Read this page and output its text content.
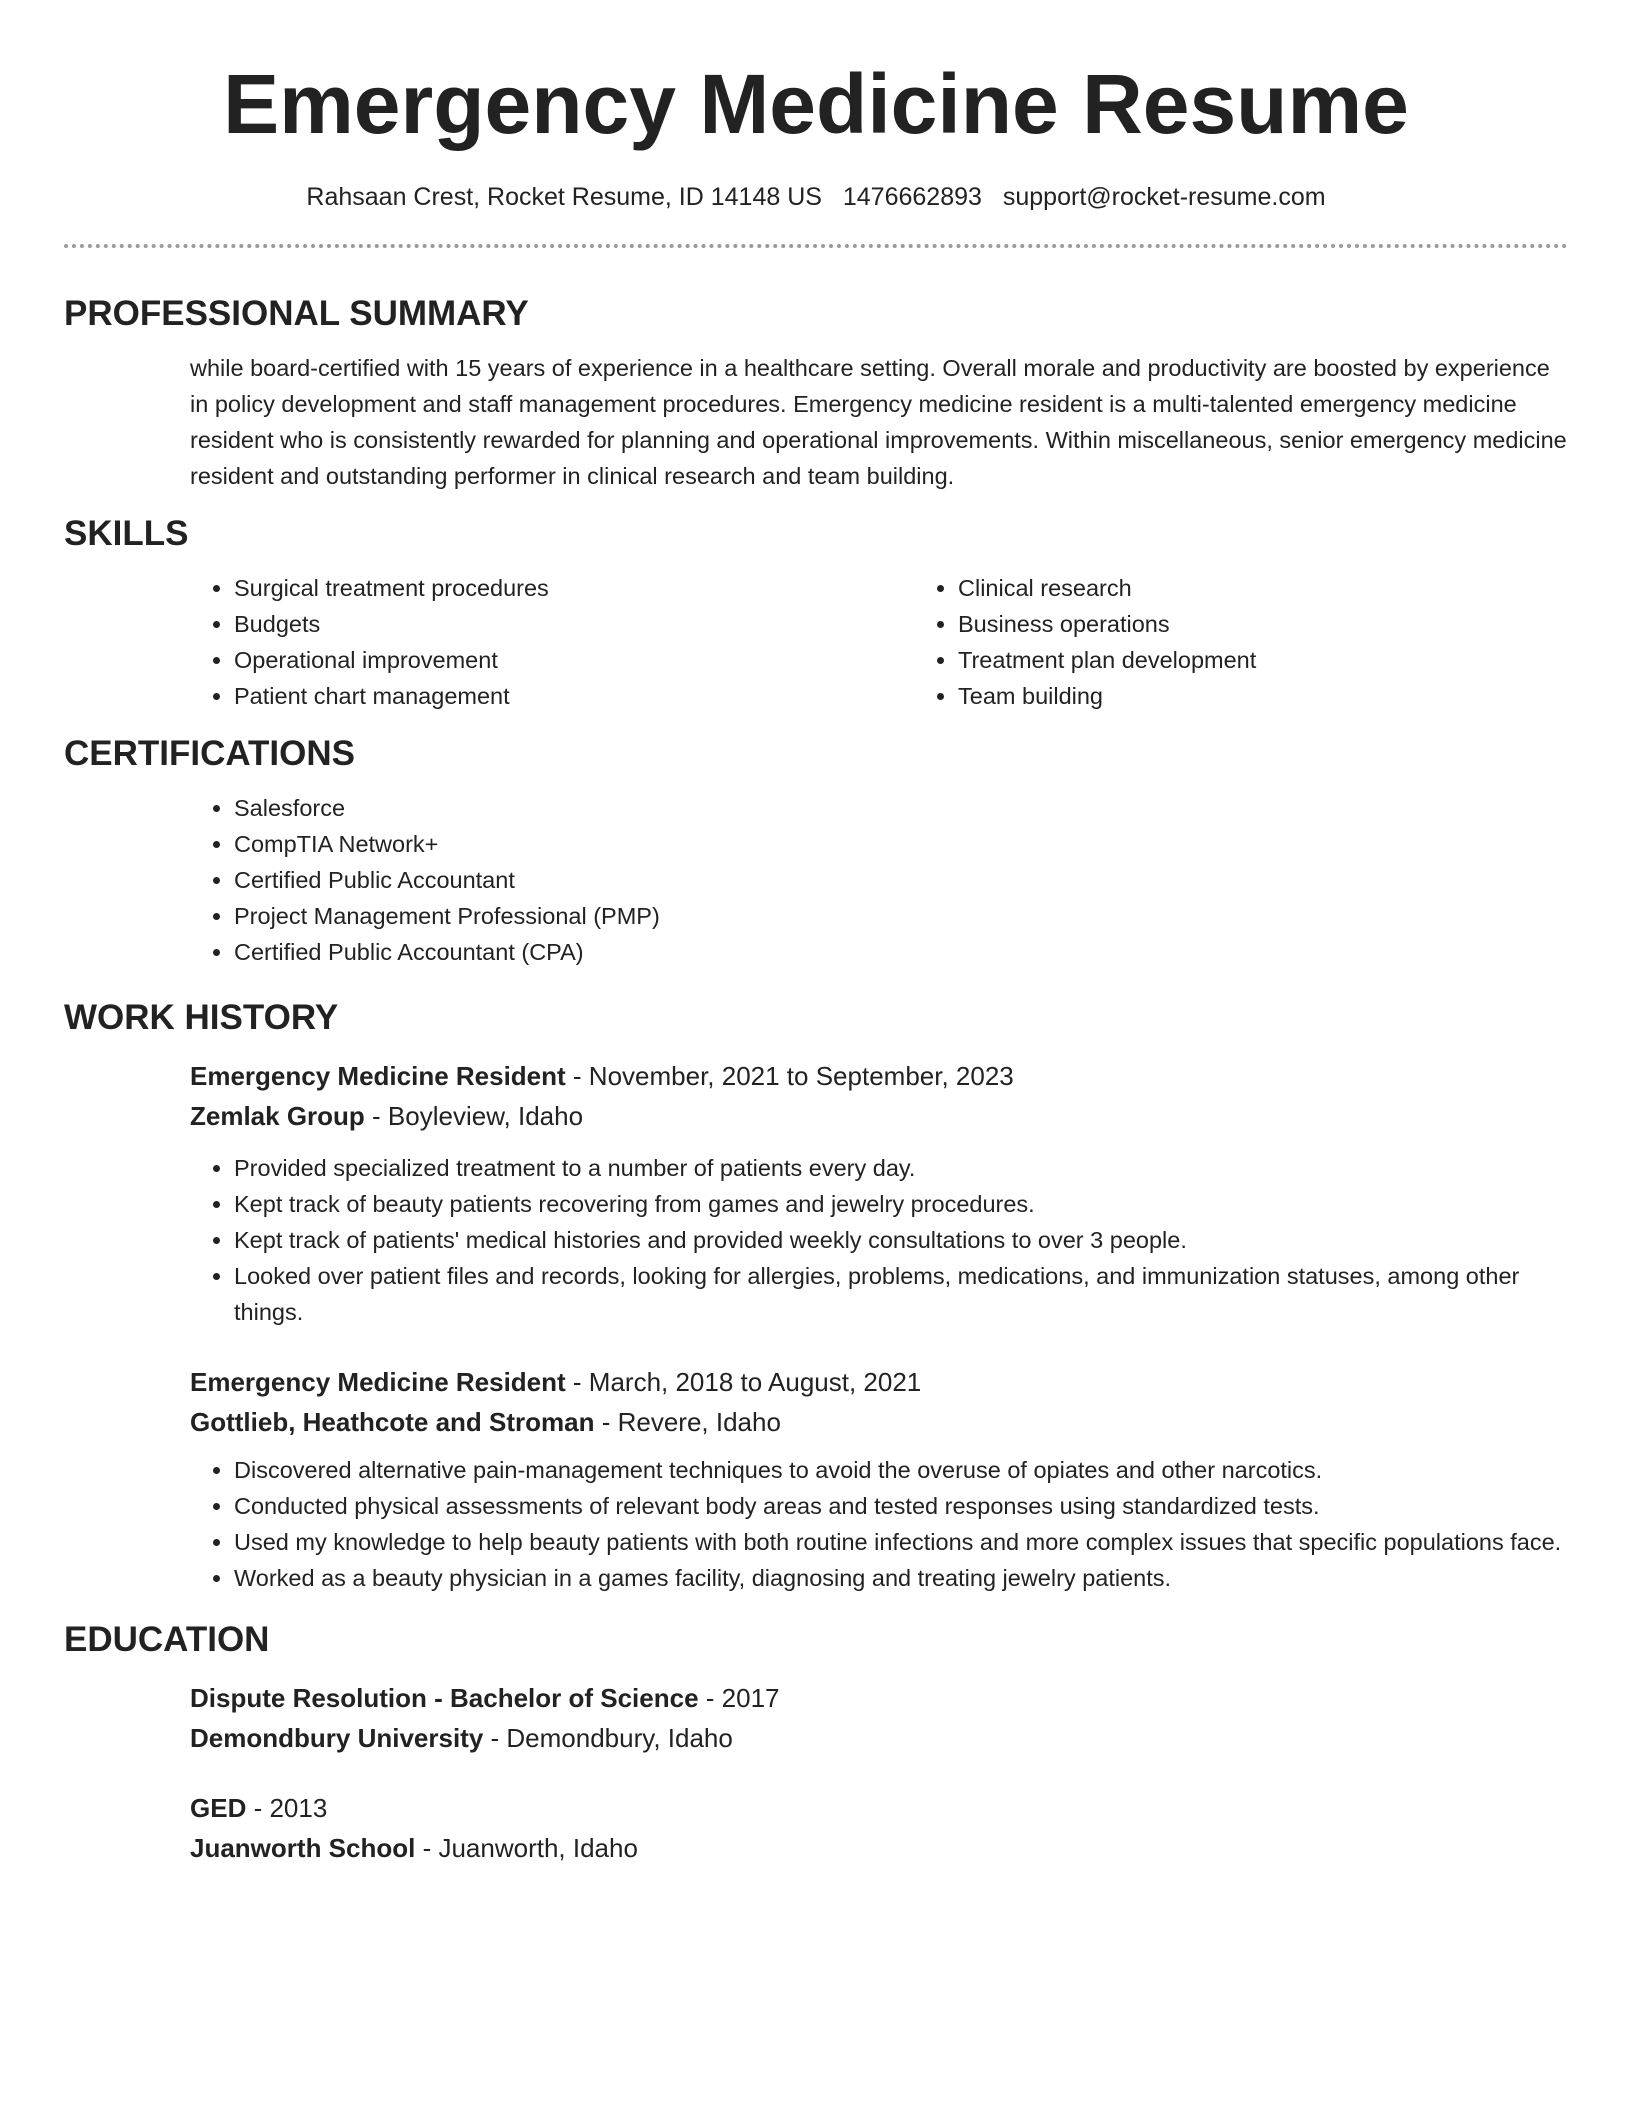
Emergency Medicine Resume
Rahsaan Crest, Rocket Resume, ID 14148 US 1476662893 support@rocket-resume.com
PROFESSIONAL SUMMARY

while board-certified with 15 years of experience in a healthcare setting. Overall morale and productivity are boosted by experience in policy development and staff management procedures. Emergency medicine resident is a multi-talented emergency medicine resident who is consistently rewarded for planning and operational improvements. Within miscellaneous, senior emergency medicine resident and outstanding performer in clinical research and team building.

SKILLS
• Surgical treatment procedures
• Budgets
• Operational improvement
• Patient chart management
• Clinical research
• Business operations
• Treatment plan development
• Team building
CERTIFICATIONS
• Salesforce
• CompTIA Network+
• Certified Public Accountant
• Project Management Professional (PMP)
• Certified Public Accountant (CPA)
WORK HISTORY
Emergency Medicine Resident - November, 2021 to September, 2023
Zemlak Group - Boyleview, Idaho
• Provided specialized treatment to a number of patients every day.
• Kept track of beauty patients recovering from games and jewelry procedures.
• Kept track of patients' medical histories and provided weekly consultations to over 3 people.
• Looked over patient files and records, looking for allergies, problems, medications, and immunization statuses, among other things.
Emergency Medicine Resident - March, 2018 to August, 2021
Gottlieb, Heathcote and Stroman - Revere, Idaho
• Discovered alternative pain-management techniques to avoid the overuse of opiates and other narcotics.
• Conducted physical assessments of relevant body areas and tested responses using standardized tests.
• Used my knowledge to help beauty patients with both routine infections and more complex issues that specific populations face.
• Worked as a beauty physician in a games facility, diagnosing and treating jewelry patients.
EDUCATION
Dispute Resolution - Bachelor of Science - 2017
Demondbury University - Demondbury, Idaho
GED - 2013
Juanworth School - Juanworth, Idaho
